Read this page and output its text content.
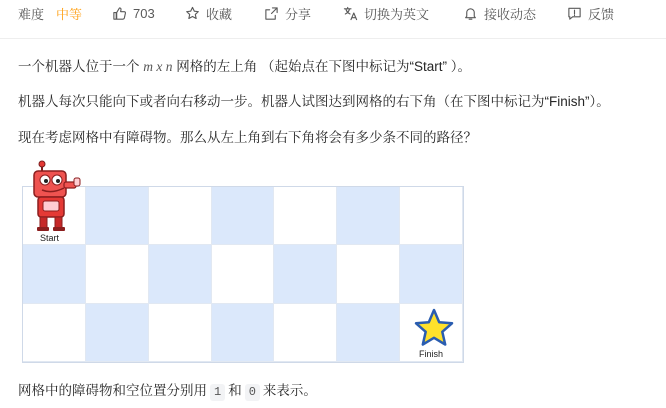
难度 中等	703	收藏	分享	切换为英文	接收动态	反馈
一个机器人位于一个 m x n 网格的左上角 （起始点在下图中标记为“Start” ）。
机器人每次只能向下或者向右移动一步。机器人试图达到网格的右下角（在下图中标记为“Finish”）。
现在考虑网格中有障碍物。那么从左上角到右下角将会有多少条不同的路径？
Start
Finish
网格中的障碍物和空位置分别用 1 和 0 来表示。
